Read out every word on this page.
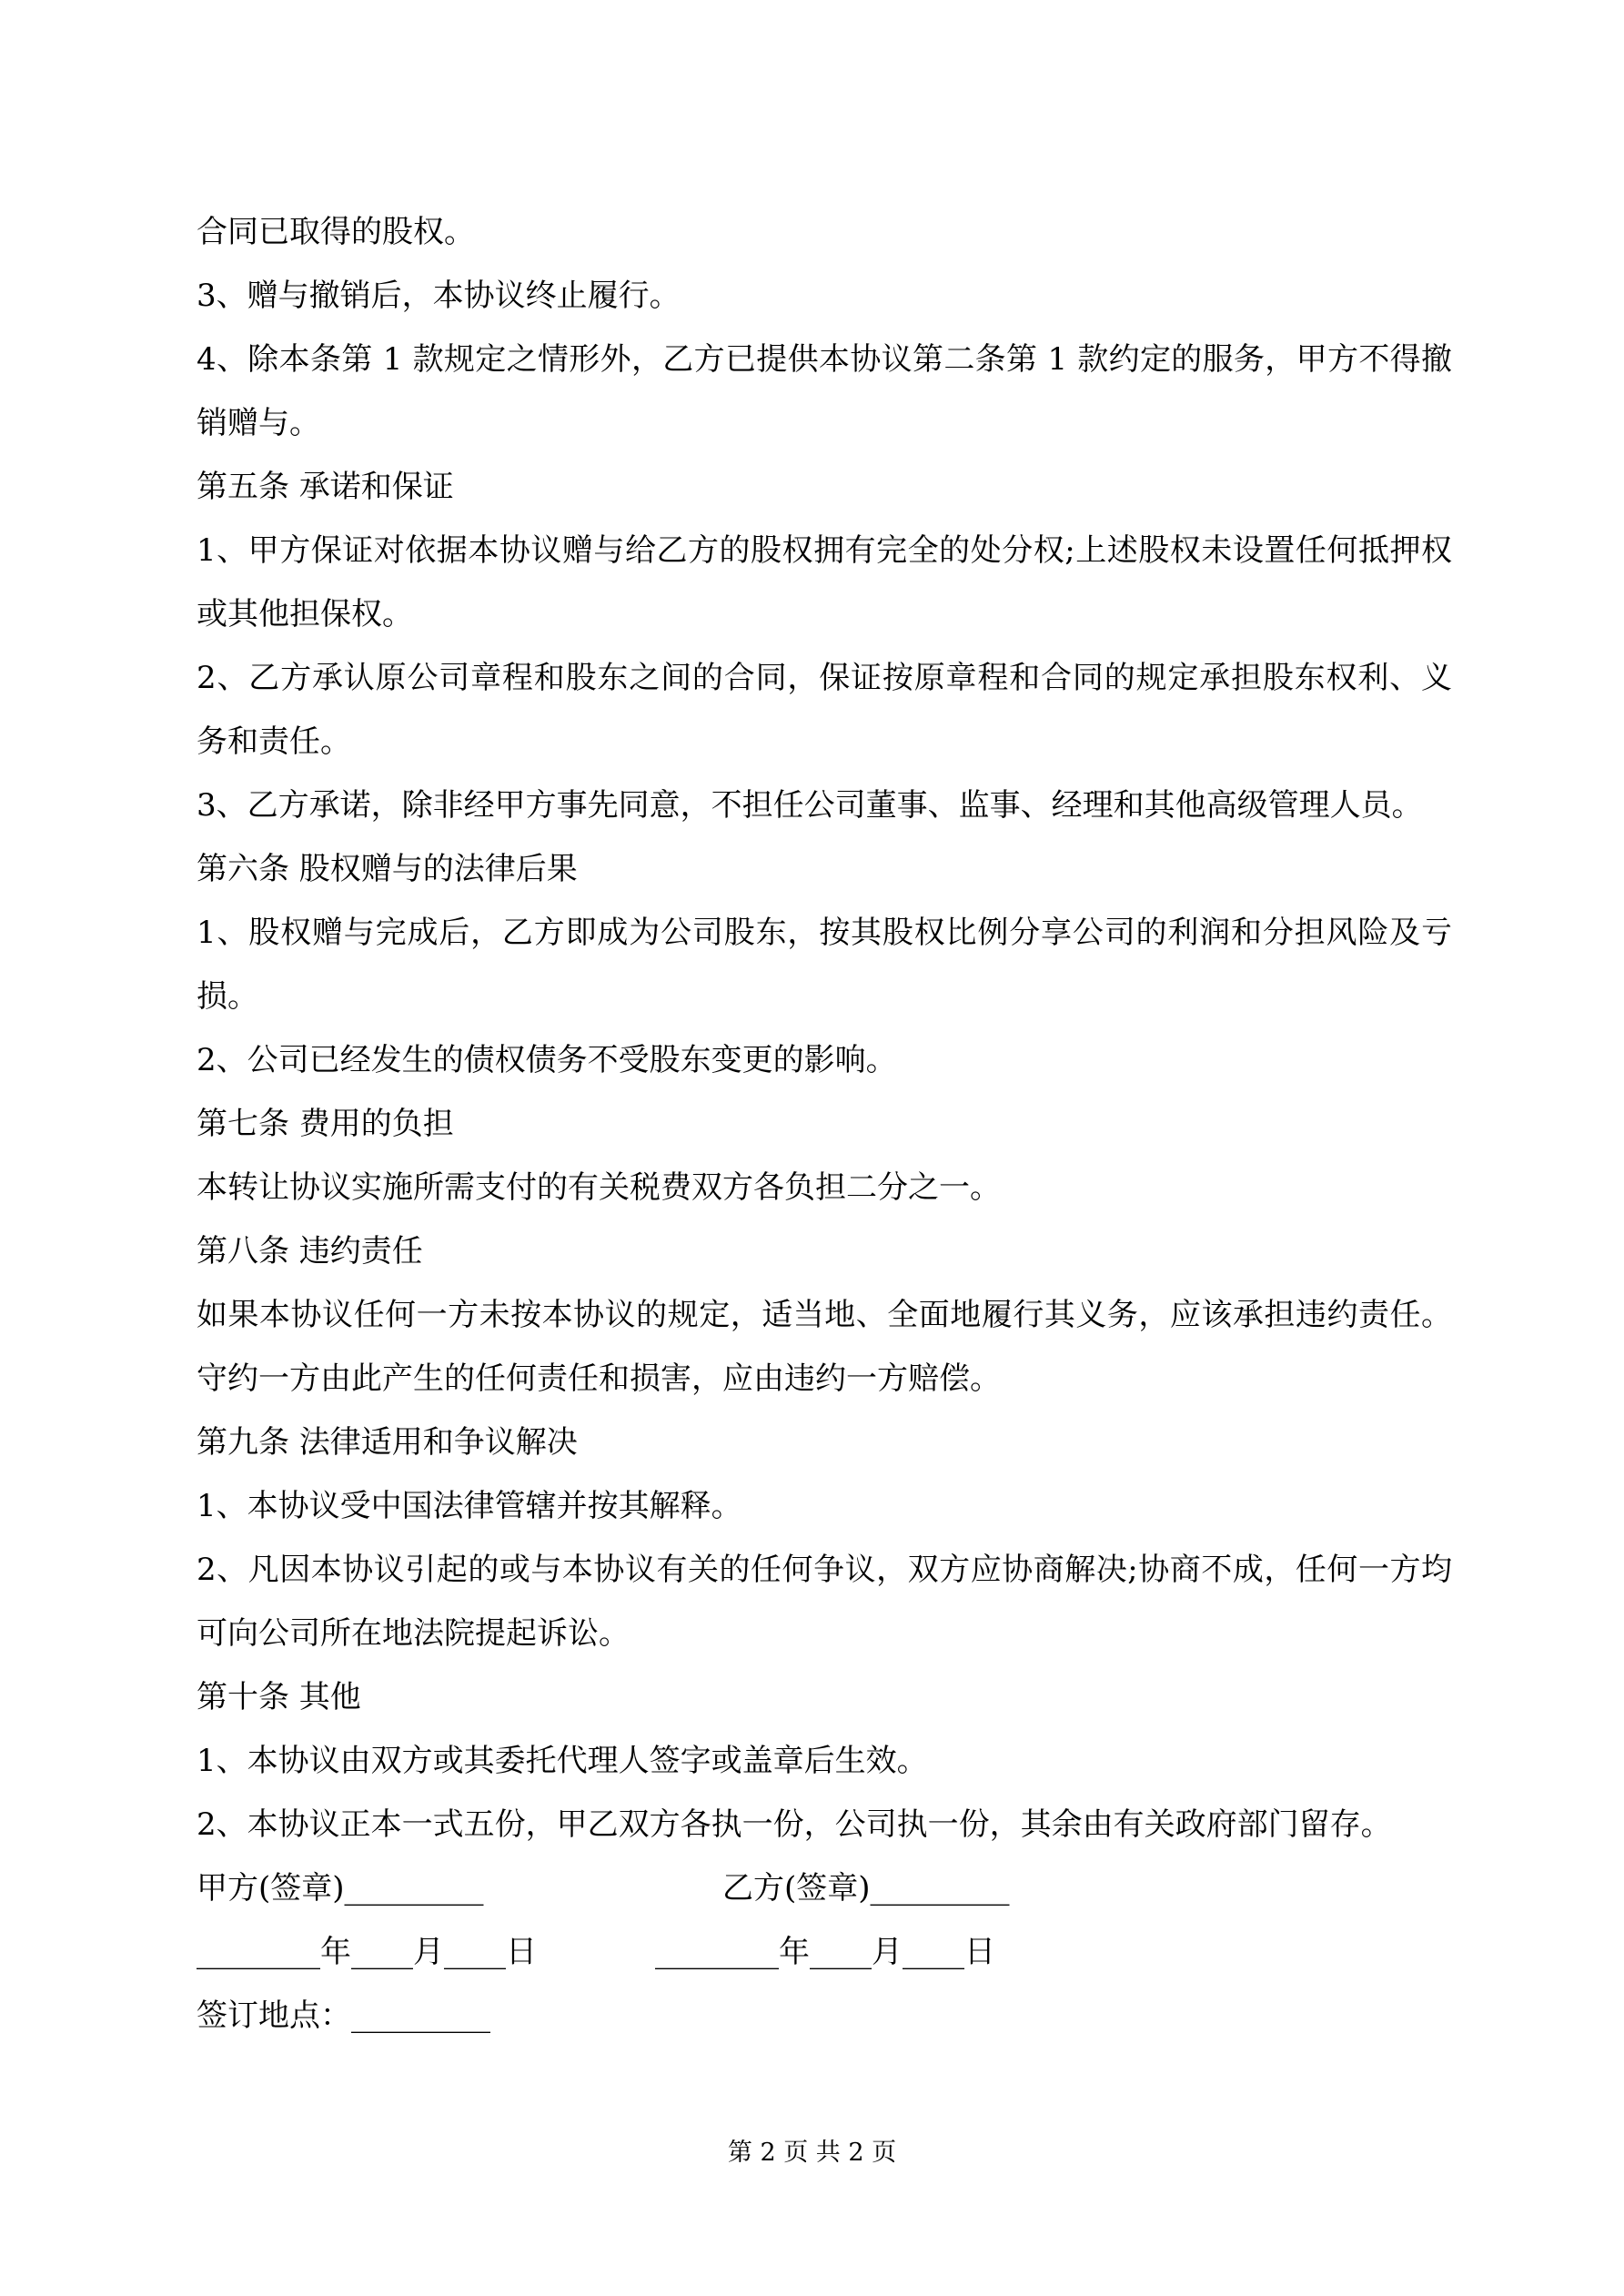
合同已取得的股权。

3、赠与撤销后，本协议终止履行。

4、除本条第 1 款规定之情形外，乙方已提供本协议第二条第 1 款约定的服务，甲方不得撤销赠与。

第五条 承诺和保证

1、甲方保证对依据本协议赠与给乙方的股权拥有完全的处分权;上述股权未设置任何抵押权或其他担保权。

2、乙方承认原公司章程和股东之间的合同，保证按原章程和合同的规定承担股东权利、义务和责任。

3、乙方承诺，除非经甲方事先同意，不担任公司董事、监事、经理和其他高级管理人员。

第六条 股权赠与的法律后果

1、股权赠与完成后，乙方即成为公司股东，按其股权比例分享公司的利润和分担风险及亏损。

2、公司已经发生的债权债务不受股东变更的影响。

第七条 费用的负担

本转让协议实施所需支付的有关税费双方各负担二分之一。

第八条 违约责任

如果本协议任何一方未按本协议的规定，适当地、全面地履行其义务，应该承担违约责任。守约一方由此产生的任何责任和损害，应由违约一方赔偿。

第九条 法律适用和争议解决

1、本协议受中国法律管辖并按其解释。

2、凡因本协议引起的或与本协议有关的任何争议，双方应协商解决;协商不成，任何一方均可向公司所在地法院提起诉讼。

第十条 其他

1、本协议由双方或其委托代理人签字或盖章后生效。

2、本协议正本一式五份，甲乙双方各执一份，公司执一份，其余由有关政府部门留存。

甲方(签章)_________

	乙方(签章)_________

________年____月____日

	________年____月____日

签订地点：_________

第 2 页 共 2 页
